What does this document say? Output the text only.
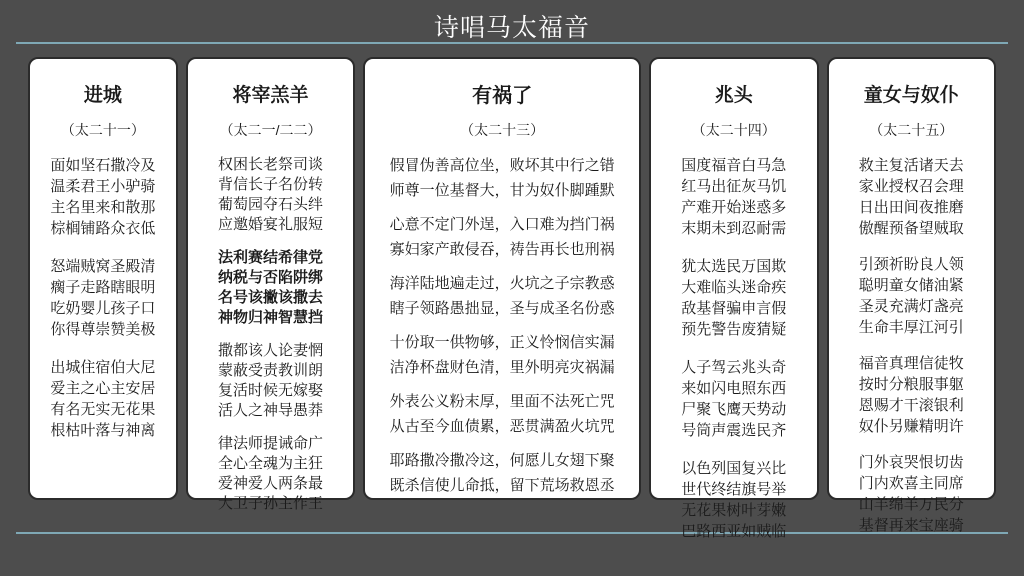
诗唱马太福音
进城
（太二十一）
面如坚石撒冷及
温柔君王小驴骑
主名里来和散那
棕榈铺路众衣低
怒端贼窝圣殿清
瘸子走路瞎眼明
吃奶婴儿孩子口
你得尊崇赞美极
出城住宿伯大尼
爱主之心主安居
有名无实无花果
根枯叶落与神离
将宰羔羊
（太二一/二二）
权困长老祭司谈
背信长子名份转
葡萄园夺石头绊
应邀婚宴礼服短
法利赛结希律党
纳税与否陷阱绑
名号该撇该撒去
神物归神智慧挡
撒都该人论妻惘
蒙蔽受责教训朗
复活时候无嫁娶
活人之神导愚莽
律法师提诫命广
全心全魂为主狂
爱神爱人两条最
大卫子孙主作王
有祸了
（太二十三）
假冒伪善高位坐，败坏其中行之错
师尊一位基督大，甘为奴仆脚踵默
心意不定门外逞，入口难为挡门祸
寡妇家产敢侵吞，祷告再长也刑祸
海洋陆地遍走过，火坑之子宗教惑
瞎子领路愚拙显，圣与成圣名份惑
十份取一供物够，正义怜悯信实漏
洁净杯盘财色清，里外明亮灾祸漏
外表公义粉末厚，里面不法死亡咒
从古至今血债累，恶贯满盈火坑咒
耶路撒冷撒冷这，何愿儿女翅下聚
既杀信使儿命抵，留下荒场救恩丞
兆头
（太二十四）
国度福音白马急
红马出征灰马饥
产难开始迷惑多
末期未到忍耐需
犹太选民万国欺
大难临头迷命疾
敌基督骗申言假
预先警告废猜疑
人子驾云兆头奇
来如闪电照东西
尸聚飞鹰天势动
号筒声震选民齐
以色列国复兴比
世代终结旗号举
无花果树叶芽嫩
巴路西亚如贼临
童女与奴仆
（太二十五）
救主复活诸天去
家业授权召会理
日出田间夜推磨
傲醒预备望贼取
引颈祈盼良人领
聪明童女储油紧
圣灵充满灯盏亮
生命丰厚江河引
福音真理信徒牧
按时分粮服事躯
恩赐才干滚银利
奴仆另赚精明许
门外哀哭恨切齿
门内欢喜主同席
山羊绵羊万民分
基督再来宝座骑
